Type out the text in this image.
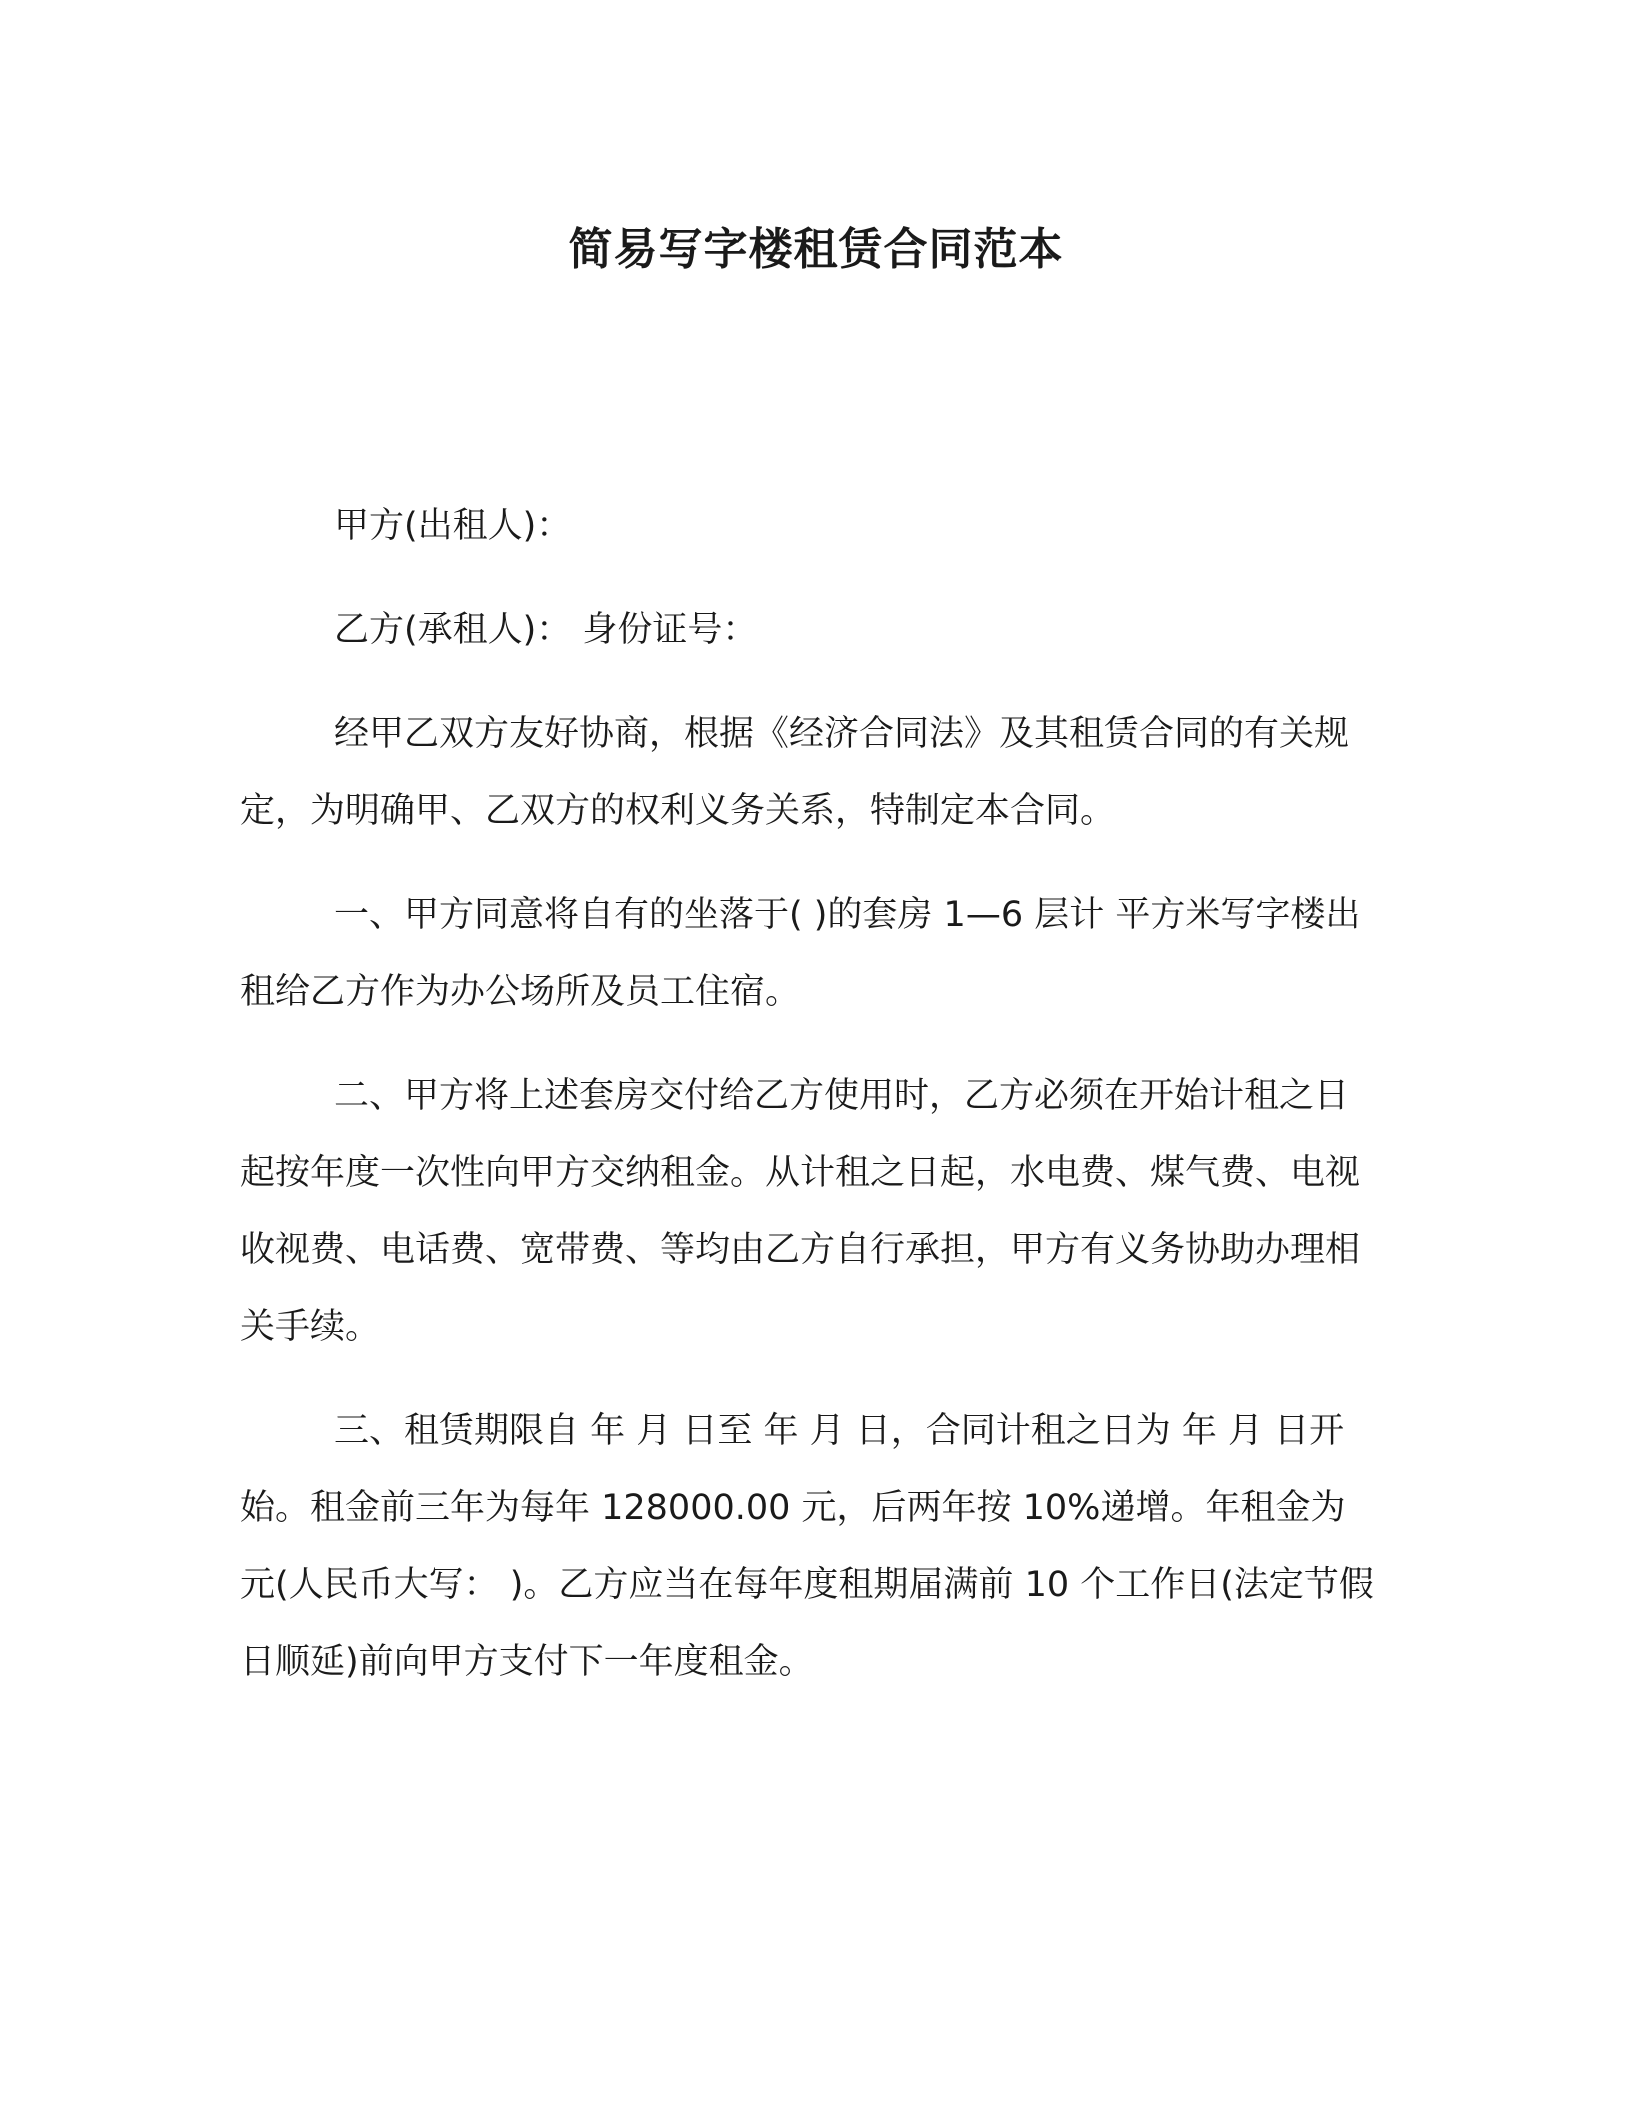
简易写字楼租赁合同范本

甲方(出租人)：

乙方(承租人)： 身份证号：

经甲乙双方友好协商，根据《经济合同法》及其租赁合同的有关规定，为明确甲、乙双方的权利义务关系，特制定本合同。

一、甲方同意将自有的坐落于( )的套房 1—6 层计 平方米写字楼出租给乙方作为办公场所及员工住宿。

二、甲方将上述套房交付给乙方使用时，乙方必须在开始计租之日起按年度一次性向甲方交纳租金。从计租之日起，水电费、煤气费、电视收视费、电话费、宽带费、等均由乙方自行承担，甲方有义务协助办理相关手续。

三、租赁期限自 年 月 日至 年 月 日，合同计租之日为 年 月 日开始。租金前三年为每年 128000.00 元，后两年按 10%递增。年租金为 元(人民币大写： )。乙方应当在每年度租期届满前 10 个工作日(法定节假日顺延)前向甲方支付下一年度租金。
